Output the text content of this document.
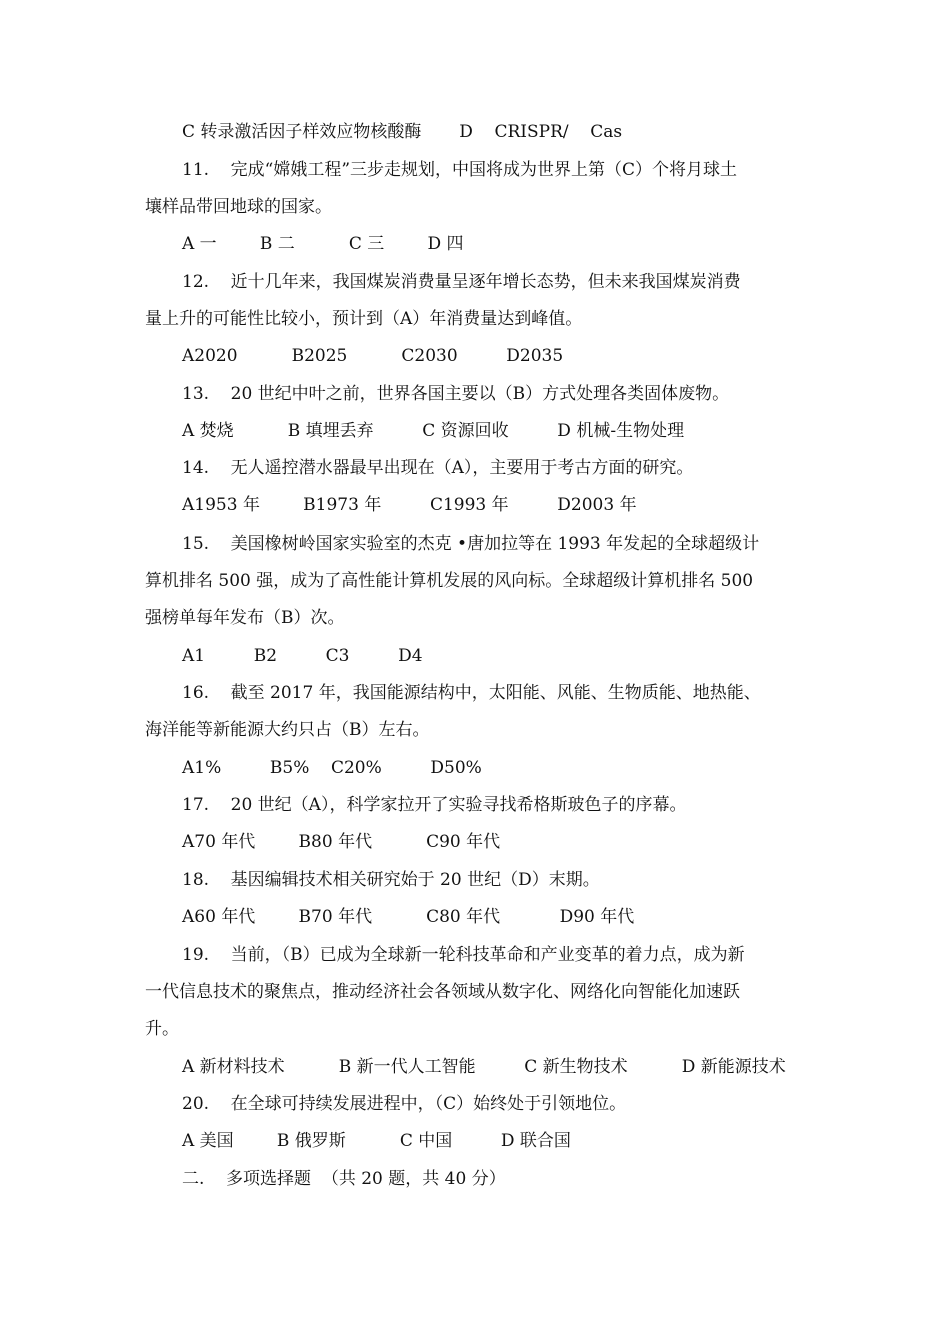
C 转录激活因子样效应物核酸酶       D    CRISPR/    Cas
11.    完成“嫦娥工程”三步走规划，中国将成为世界上第（C）个将月球土
壤样品带回地球的国家。
A 一        B 二          C 三        D 四
12.    近十几年来，我国煤炭消费量呈逐年增长态势，但未来我国煤炭消费
量上升的可能性比较小，预计到（A）年消费量达到峰值。
A2020          B2025          C2030         D2035
13.    20 世纪中叶之前，世界各国主要以（B）方式处理各类固体废物。
A 焚烧          B 填埋丢弃         C 资源回收         D 机械-生物处理
14.    无人遥控潜水器最早出现在（A），主要用于考古方面的研究。
A1953 年        B1973 年         C1993 年         D2003 年
15.    美国橡树岭国家实验室的杰克 •唐加拉等在 1993 年发起的全球超级计
算机排名 500 强，成为了高性能计算机发展的风向标。全球超级计算机排名 500
强榜单每年发布（B）次。
A1         B2         C3         D4
16.    截至 2017 年，我国能源结构中，太阳能、风能、生物质能、地热能、
海洋能等新能源大约只占（B）左右。
A1%         B5%    C20%         D50%
17.    20 世纪（A），科学家拉开了实验寻找希格斯玻色子的序幕。
A70 年代        B80 年代          C90 年代
18.    基因编辑技术相关研究始于 20 世纪（D）末期。
A60 年代        B70 年代          C80 年代           D90 年代
19.    当前，（B）已成为全球新一轮科技革命和产业变革的着力点，成为新
一代信息技术的聚焦点，推动经济社会各领域从数字化、网络化向智能化加速跃
升。
A 新材料技术          B 新一代人工智能         C 新生物技术          D 新能源技术
20.    在全球可持续发展进程中，（C）始终处于引领地位。
A 美国        B 俄罗斯          C 中国         D 联合国
二.    多项选择题  （共 20 题，共 40 分）
